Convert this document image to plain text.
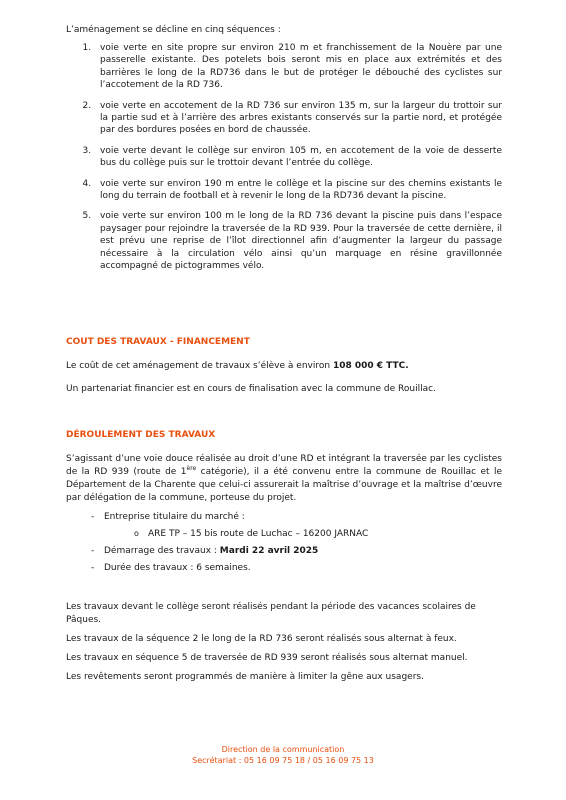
L’aménagement se décline en cinq séquences :

1. voie verte en site propre sur environ 210 m et franchissement de la Nouère par une passerelle existante. Des potelets bois seront mis en place aux extrémités et des barrières le long de la RD736 dans le but de protéger le débouché des cyclistes sur l’accotement de la RD 736.
2. voie verte en accotement de la RD 736 sur environ 135 m, sur la largeur du trottoir sur la partie sud et à l’arrière des arbres existants conservés sur la partie nord, et protégée par des bordures posées en bord de chaussée.
3. voie verte devant le collège sur environ 105 m, en accotement de la voie de desserte bus du collège puis sur le trottoir devant l’entrée du collège.
4. voie verte sur environ 190 m entre le collège et la piscine sur des chemins existants le long du terrain de football et à revenir le long de la RD736 devant la piscine.
5. voie verte sur environ 100 m le long de la RD 736 devant la piscine puis dans l’espace paysager pour rejoindre la traversée de la RD 939. Pour la traversée de cette dernière, il est prévu une reprise de l’îlot directionnel afin d’augmenter la largeur du passage nécessaire à la circulation vélo ainsi qu’un marquage en résine gravillonnée accompagné de pictogrammes vélo.
COUT DES TRAVAUX - FINANCEMENT

Le coût de cet aménagement de travaux s’élève à environ 108 000 € TTC.

Un partenariat financier est en cours de finalisation avec la commune de Rouillac.

DÉROULEMENT DES TRAVAUX

S’agissant d’une voie douce réalisée au droit d’une RD et intégrant la traversée par les cyclistes de la RD 939 (route de 1ère catégorie), il a été convenu entre la commune de Rouillac et le Département de la Charente que celui-ci assurerait la maîtrise d’ouvrage et la maîtrise d’œuvre par délégation de la commune, porteuse du projet.

- Entreprise titulaire du marché :
o ARE TP – 15 bis route de Luchac – 16200 JARNAC
- Démarrage des travaux : Mardi 22 avril 2025
- Durée des travaux : 6 semaines.

Les travaux devant le collège seront réalisés pendant la période des vacances scolaires de Pâques.

Les travaux de la séquence 2 le long de la RD 736 seront réalisés sous alternat à feux.

Les travaux en séquence 5 de traversée de RD 939 seront réalisés sous alternat manuel.

Les revêtements seront programmés de manière à limiter la gêne aux usagers.

Direction de la communication
Secrétariat : 05 16 09 75 18 / 05 16 09 75 13
